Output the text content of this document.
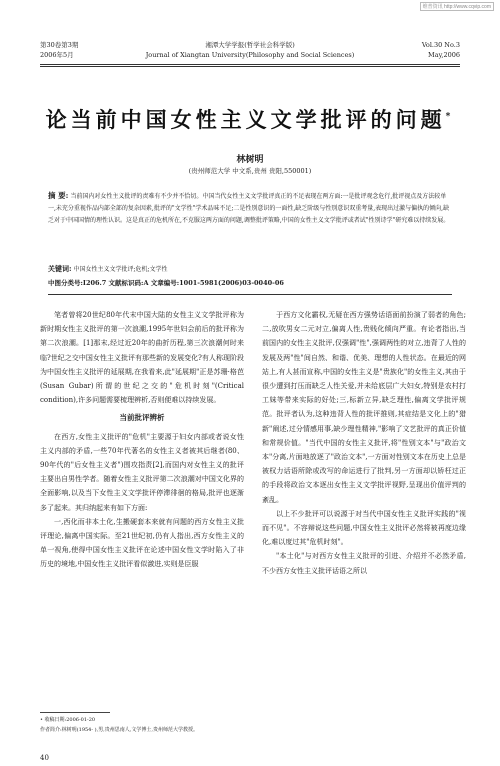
维普资讯 http://www.cqvip.com
第30卷第3期
2006年5月
湘潭大学学报(哲学社会科学版)
Journal of Xiangtan University(Philosophy and Social Sciences)
Vol.30 No.3
May,2006
论当前中国女性主义文学批评的问题*
林树明
(贵州师范大学 中文系,贵州 贵阳,550001)
摘 要: 当前国内对女性主义批评的责难有不少并不恰切。中国当代女性主义文学批评真正的不足表现在两方面:一是批评观念危行,批评视点及方法较单一,未充分重视作品内部全部的复杂因素,批评的"文学性"学术品味不足;二是性别意识的一面性,缺乏阶级与性别意识双重考量,表现出过激与偏执的倾向,缺乏对于中国国情的理性认识。这是真正的危机所在,不克服这两方面的问题,调整批评策略,中国的女性主义文学批评或者试"性别诗学"研究难以持续发展。
关键词: 中国女性主义文学批评;危机;文学性
中图分类号:I206.7 文献标识码:A 文章编号:1001-5981(2006)03-0040-06

笔者曾将20世纪80年代末中国大陆的女性主义文学批评称为新时期女性主义批评的第一次浪潮,1995年世妇会前后的批评称为第二次浪潮。[1]那末,经过近20年的曲折历程,第三次浪潮何时来临?世纪之交中国女性主义批评有那些新的发展变化?有人称现阶段为中国女性主义批评的延展期,在我看来,此"延展期"正是苏珊·格芭(Susan Gubar)所谓的世纪之交的"危机时刻"(Critical condition),许多问题需要梳理辨析,否则便难以持续发展。

当前批评辨析

在西方,女性主义批评的"危机"主要源于妇女内部或者说女性主义内部的矛盾,一些70年代著名的女性主义者被其后继者(80、90年代的"后女性主义者")围攻指责[2],而国内对女性主义的批评主要出自男性学者。随着女性主义批评第二次浪潮对中国文化界的全面影响,以及当下女性主义文学批评停滞徘徊的格局,批评也逐渐多了起来。其归纳起来有如下方面:

一,西化而非本土化,生搬硬套本来就有问题的西方女性主义批评理论,偏离中国实际。至21世纪初,仍有人指出,西方女性主义的单一视角,使得中国女性主义批评在论述中国女性文学时陷入了非历史的境地,中国女性主义批评看似激进,实则是臣服

于西方文化霸权,无疑在西方强势话语面前扮演了弱者的角色;二,放吹男女二元对立,偏离人性,贵贱化倾向严重。有论者指出,当前国内的女性主义批评,仅强调"性",强调两性的对立,违背了人性的发展及两"性"间自然、和谐、优美、理想的人性状态。在最近的网站上,有人甚而宣称,中国的女性主义是"贵族化"的女性主义,其由于很少遭到打压而缺乏人性关爱,并未给底层广大妇女,特别是农村打工妹等带来实际的好处;三,标新立异,缺乏理性,偏离文学批评规范。批评者认为,这种违背人性的批评推则,其症结是文化上的"猎新"阐述,过分情感用事,缺少理性精神,"影响了文艺批评的真正价值和常规价值。"当代中国的女性主义批评,将"性别文本"与"政治文本"分离,片面地放逐了"政治文本",一方面对性别文本在历史上总是被权力话语所除或改写的命运进行了批判,另一方面却以矫枉过正的手段将政治文本逐出女性主义文学批评视野,呈现出价值评判的紊乱。

以上不少批评可以说源于对当代中国女性主义批评实践的"视而不见"。不容辩说这些问题,中国女性主义批评必然将被再度边缘化,难以度过其"危机时刻"。

"本土化"与对西方女性主义批评的引进、介绍并不必然矛盾,不少西方女性主义批评话语之所以

• 收稿日期:2006-01-20
作者简介:林树明(1954- ),男,贵州思南人,文学博士,贵州师范大学教授。
40
